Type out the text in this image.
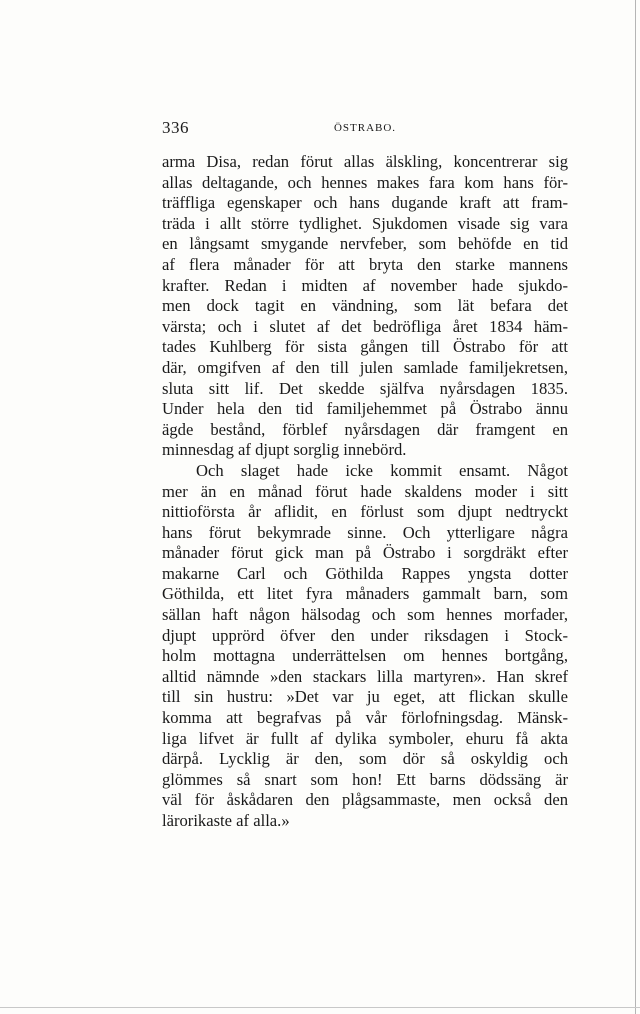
336	ÖSTRABO.
arma Disa, redan förut allas älskling, koncentrerar sig
allas deltagande, och hennes makes fara kom hans för-
träffliga egenskaper och hans dugande kraft att fram-
träda i allt större tydlighet. Sjukdomen visade sig vara
en långsamt smygande nervfeber, som behöfde en tid
af flera månader för att bryta den starke mannens
krafter. Redan i midten af november hade sjukdo-
men dock tagit en vändning, som lät befara det
värsta; och i slutet af det bedröfliga året 1834 häm-
tades Kuhlberg för sista gången till Östrabo för att
där, omgifven af den till julen samlade familjekretsen,
sluta sitt lif. Det skedde själfva nyårsdagen 1835.
Under hela den tid familjehemmet på Östrabo ännu
ägde bestånd, förblef nyårsdagen där framgent en
minnesdag af djupt sorglig innebörd.
Och slaget hade icke kommit ensamt. Något
mer än en månad förut hade skaldens moder i sitt
nittioförsta år aflidit, en förlust som djupt nedtryckt
hans förut bekymrade sinne. Och ytterligare några
månader förut gick man på Östrabo i sorgdräkt efter
makarne Carl och Göthilda Rappes yngsta dotter
Göthilda, ett litet fyra månaders gammalt barn, som
sällan haft någon hälsodag och som hennes morfader,
djupt upprörd öfver den under riksdagen i Stock-
holm mottagna underrättelsen om hennes bortgång,
alltid nämnde »den stackars lilla martyren». Han skref
till sin hustru: »Det var ju eget, att flickan skulle
komma att begrafvas på vår förlofningsdag. Mänsk-
liga lifvet är fullt af dylika symboler, ehuru få akta
därpå. Lycklig är den, som dör så oskyldig och
glömmes så snart som hon! Ett barns dödssäng är
väl för åskådaren den plågsammaste, men också den
lärorikaste af alla.»
